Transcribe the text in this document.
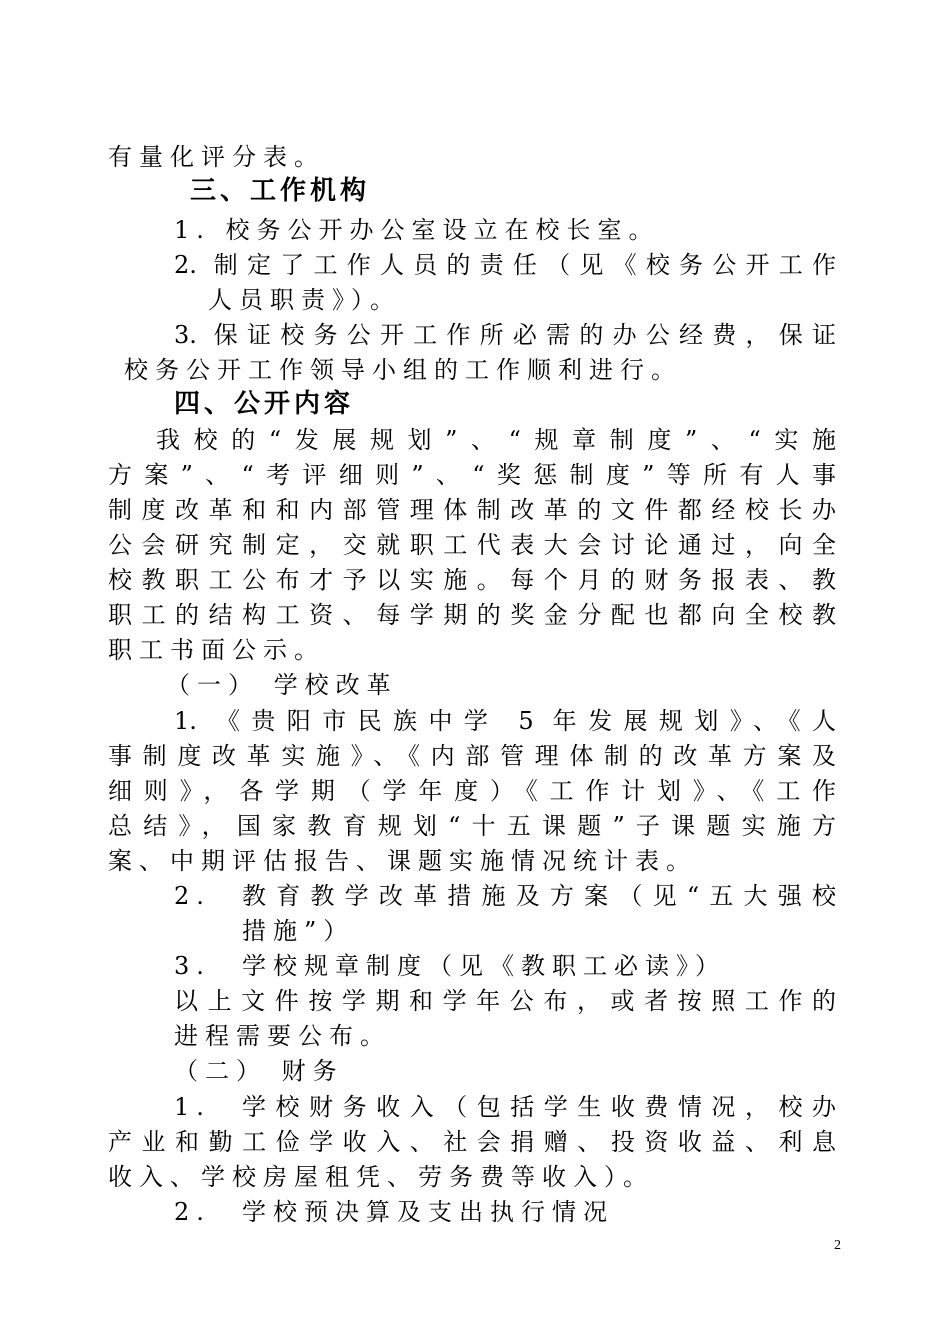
有量化评分表。

三、工作机构

1. 校务公开办公室设立在校长室。

2. 制定了工作人员的责任（见《校务公开工作

人员职责》）。

3. 保证校务公开工作所必需的办公经费，保证

校务公开工作领导小组的工作顺利进行。

四、公开内容

我校的“发展规划”、“规章制度”、“实施

方案”、“考评细则”、“奖惩制度”等所有人事

制度改革和和内部管理体制改革的文件都经校长办

公会研究制定，交就职工代表大会讨论通过，向全

校教职工公布才予以实施。每个月的财务报表、教

职工的结构工资、每学期的奖金分配也都向全校教

职工书面公示。

（一） 学校改革

1. 《贵阳市民族中学 5 年发展规划》、《人

事制度改革实施》、《内部管理体制的改革方案及

细则》，各学期（学年度）《工作计划》、《工作

总结》，国家教育规划“十五课题”子课题实施方

案、中期评估报告、课题实施情况统计表。

2. 教育教学改革措施及方案（见“五大强校

措施”）

3. 学校规章制度（见《教职工必读》）

以上文件按学期和学年公布，或者按照工作的

进程需要公布。

（二） 财务

1. 学校财务收入（包括学生收费情况，校办

产业和勤工俭学收入、社会捐赠、投资收益、利息

收入、学校房屋租凭、劳务费等收入）。

2. 学校预决算及支出执行情况

2
